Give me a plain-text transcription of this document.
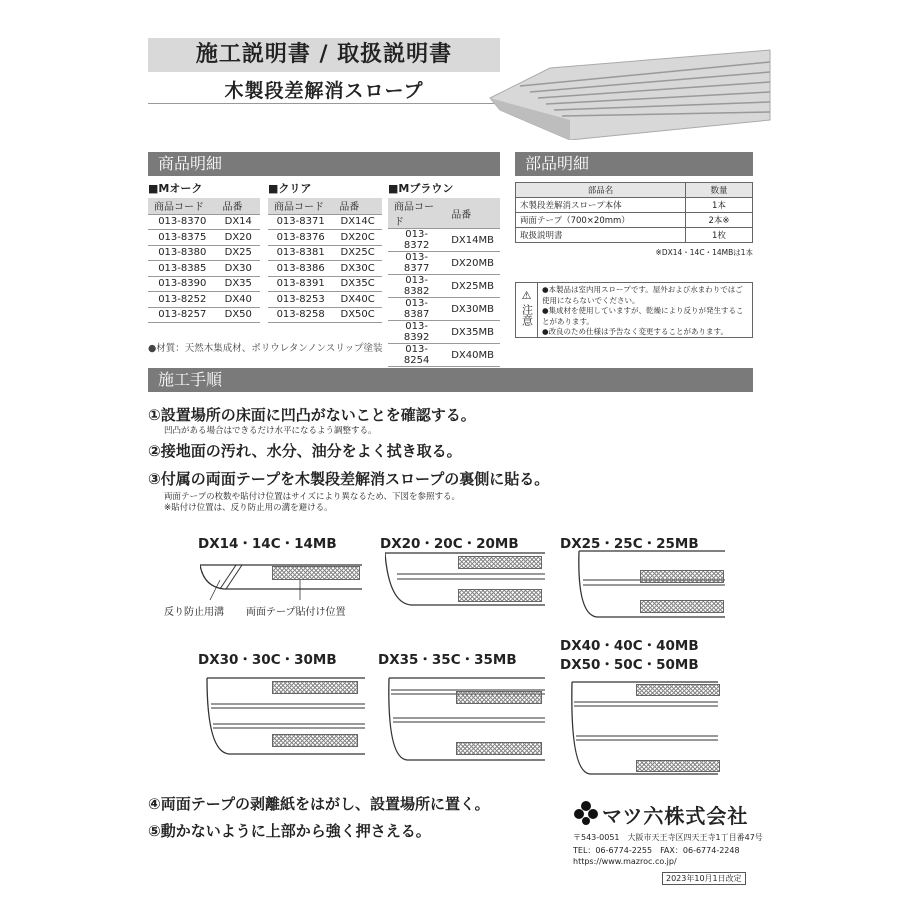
施工説明書 / 取扱説明書
木製段差解消スロープ
商品明細
■Mオーク
商品コード	品番
013-8370	DX14
013-8375	DX20
013-8380	DX25
013-8385	DX30
013-8390	DX35
013-8252	DX40
013-8257	DX50
■クリア
商品コード	品番
013-8371	DX14C
013-8376	DX20C
013-8381	DX25C
013-8386	DX30C
013-8391	DX35C
013-8253	DX40C
013-8258	DX50C
■Mブラウン
商品コード	品番
013-8372	DX14MB
013-8377	DX20MB
013-8382	DX25MB
013-8387	DX30MB
013-8392	DX35MB
013-8254	DX40MB

●材質：天然木集成材、ポリウレタンノンスリップ塗装
部品明細
部品名	数量
木製段差解消スロープ本体	1本
両面テープ（700×20mm）	2本※
取扱説明書	1枚
※DX14・14C・14MBは1本
⚠
注意
●本製品は室内用スロープです。屋外および水まわりではご使用にならないでください。
●集成材を使用していますが、乾燥により反りが発生することがあります。
●改良のため仕様は予告なく変更することがあります。
施工手順
①設置場所の床面に凹凸がないことを確認する。
凹凸がある場合はできるだけ水平になるよう調整する。
②接地面の汚れ、水分、油分をよく拭き取る。
③付属の両面テープを木製段差解消スロープの裏側に貼る。
両面テープの枚数や貼付け位置はサイズにより異なるため、下図を参照する。
※貼付け位置は、反り防止用の溝を避ける。
DX14・14C・14MB
反り防止用溝 両面テープ貼付け位置
DX20・20C・20MB	DX25・25C・25MB
DX30・30C・30MB	DX35・35C・35MB
DX40・40C・40MB
DX50・50C・50MB
④両面テープの剥離紙をはがし、設置場所に置く。
⑤動かないように上部から強く押さえる。
マツ六株式会社
〒543-0051　大阪市天王寺区四天王寺1丁目番47号
TEL：06-6774-2255　FAX：06-6774-2248
https://www.mazroc.co.jp/
2023年10月1日改定
